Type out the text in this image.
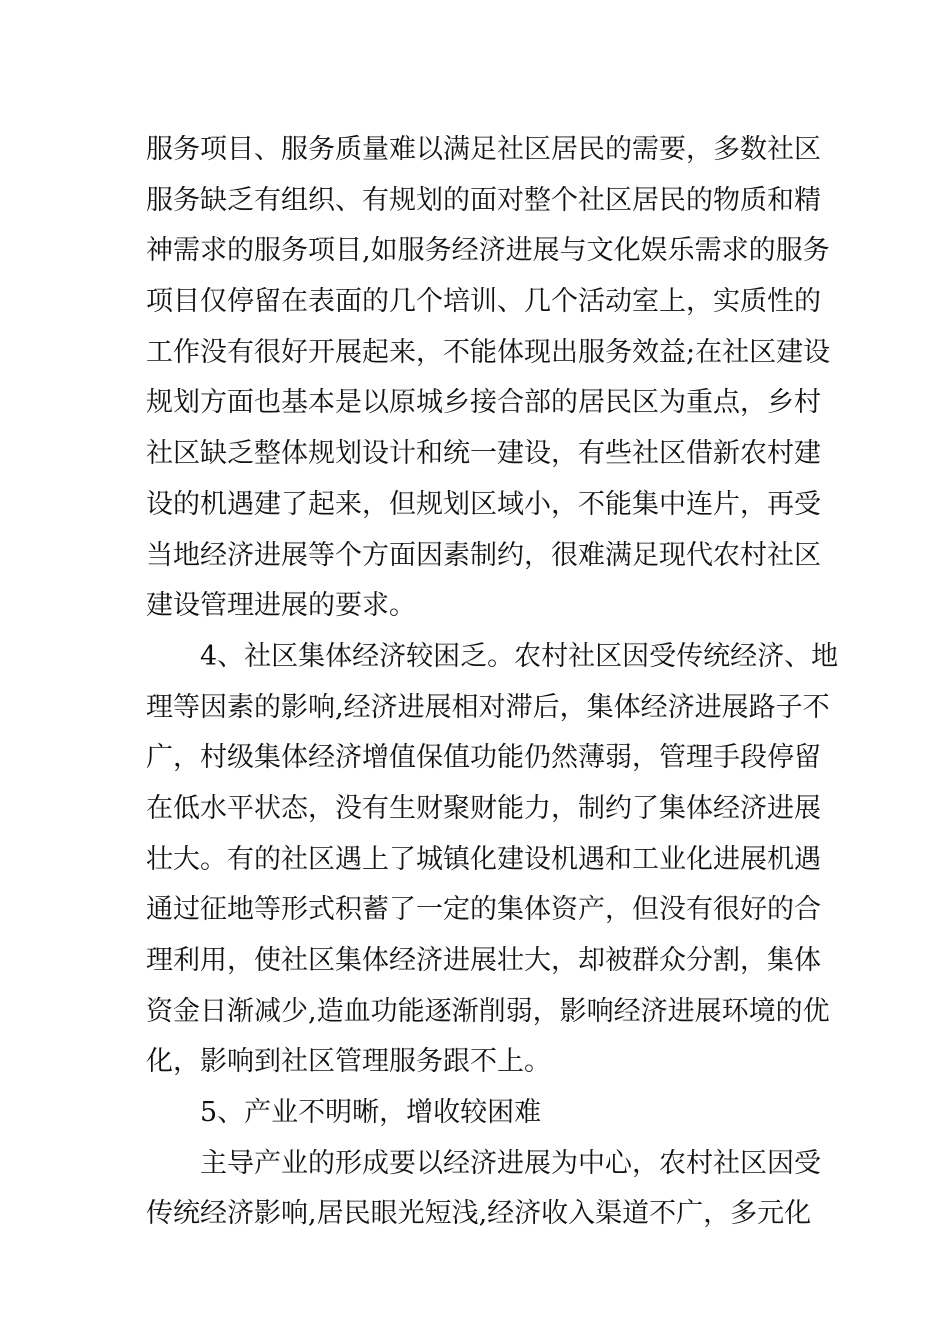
服务项目、服务质量难以满足社区居民的需要，多数社区
服务缺乏有组织、有规划的面对整个社区居民的物质和精
神需求的服务项目,如服务经济进展与文化娱乐需求的服务
项目仅停留在表面的几个培训、几个活动室上，实质性的
工作没有很好开展起来，不能体现出服务效益;在社区建设
规划方面也基本是以原城乡接合部的居民区为重点，乡村
社区缺乏整体规划设计和统一建设，有些社区借新农村建
设的机遇建了起来，但规划区域小，不能集中连片，再受
当地经济进展等个方面因素制约，很难满足现代农村社区
建设管理进展的要求。
4、社区集体经济较困乏。农村社区因受传统经济、地
理等因素的影响,经济进展相对滞后，集体经济进展路子不
广，村级集体经济增值保值功能仍然薄弱，管理手段停留
在低水平状态，没有生财聚财能力，制约了集体经济进展
壮大。有的社区遇上了城镇化建设机遇和工业化进展机遇
通过征地等形式积蓄了一定的集体资产，但没有很好的合
理利用，使社区集体经济进展壮大，却被群众分割，集体
资金日渐减少,造血功能逐渐削弱，影响经济进展环境的优
化，影响到社区管理服务跟不上。
5、产业不明晰，增收较困难
主导产业的形成要以经济进展为中心，农村社区因受
传统经济影响,居民眼光短浅,经济收入渠道不广，多元化
